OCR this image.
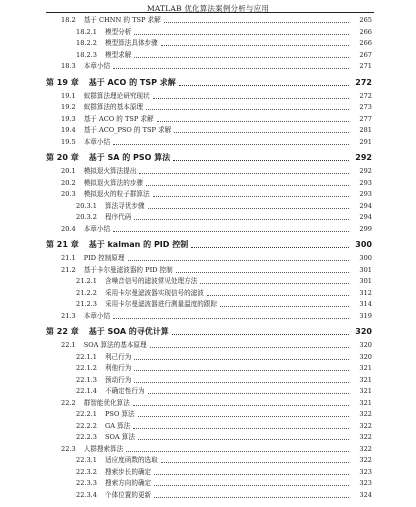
MATLAB 优化算法案例分析与应用
18.2 基于 CHNN 的 TSP 求解	265
18.2.1 模型分析	266
18.2.2 模型算法具体步骤	266
18.2.3 模型求解	267
18.3 本章小结	271
第 19 章 基于 ACO 的 TSP 求解	272
19.1 蚁群算法理论研究现状	272
19.2 蚁群算法的基本原理	273
19.3 基于 ACO 的 TSP 求解	277
19.4 基于 ACO_PSO 的 TSP 求解	281
19.5 本章小结	291
第 20 章 基于 SA 的 PSO 算法	292
20.1 模拟退火算法提出	292
20.2 模拟退火算法的步骤	293
20.3 模拟退火的粒子群算法	293
20.3.1 算法寻优步骤	294
20.3.2 程序代码	294
20.4 本章小结	299
第 21 章 基于 kalman 的 PID 控制	300
21.1 PID 控制原理	300
21.2 基于卡尔曼滤波器的 PID 控制	301
21.2.1 含噪音信号的滤波常见处理方法	301
21.2.2 采用卡尔曼滤波器实现信号的滤波	312
21.2.3 采用卡尔曼滤波器进行测量温度的跟踪	314
21.3 本章小结	319
第 22 章 基于 SOA 的寻优计算	320
22.1 SOA 算法的基本原理	320
22.1.1 利己行为	320
22.1.2 利他行为	321
22.1.3 预动行为	321
22.1.4 不确定性行为	321
22.2 群智能优化算法	321
22.2.1 PSO 算法	322
22.2.2 GA 算法	322
22.2.3 SOA 算法	322
22.3 人群搜索算法	322
22.3.1 适应度函数的选取	322
22.3.2 搜索步长的确定	323
22.3.3 搜索方向的确定	323
22.3.4 个体位置的更新	324
